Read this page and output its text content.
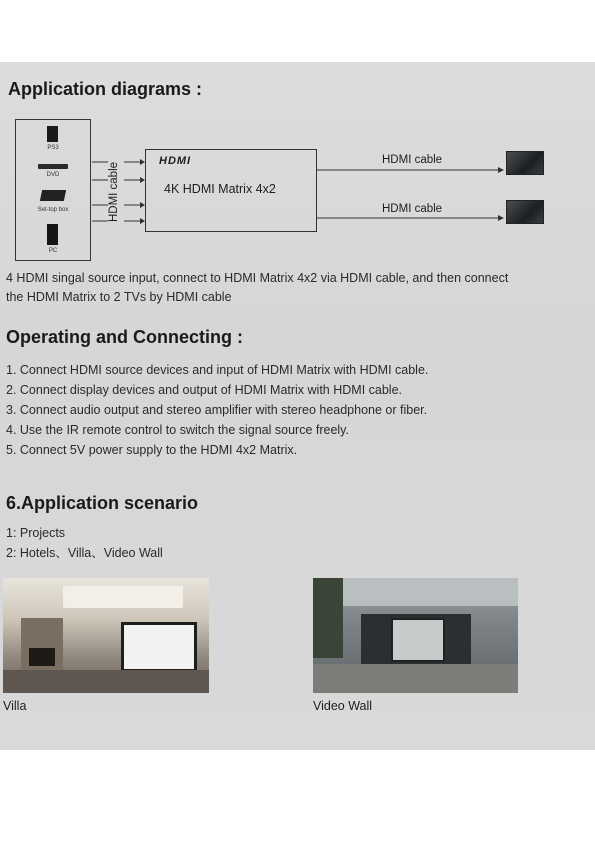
Application diagrams :
PS3
DVD
Set-top box
PC
HDMI cable
HDMI
4K HDMI Matrix 4x2
HDMI cable
HDMI cable
4 HDMI singal source input, connect to HDMI Matrix 4x2 via HDMI cable, and then connect
the HDMI Matrix to 2 TVs by HDMI cable
Operating and Connecting :
1. Connect HDMI source devices and input of HDMI Matrix with HDMI cable.
2. Connect display devices and output of HDMI Matrix with HDMI cable.
3. Connect audio output and stereo amplifier with stereo headphone or fiber.
4. Use the IR remote control to switch the signal source freely.
5. Connect 5V power supply to the HDMI 4x2 Matrix.
6.Application scenario
1: Projects
2: Hotels、Villa、Video Wall
Villa	Video Wall
